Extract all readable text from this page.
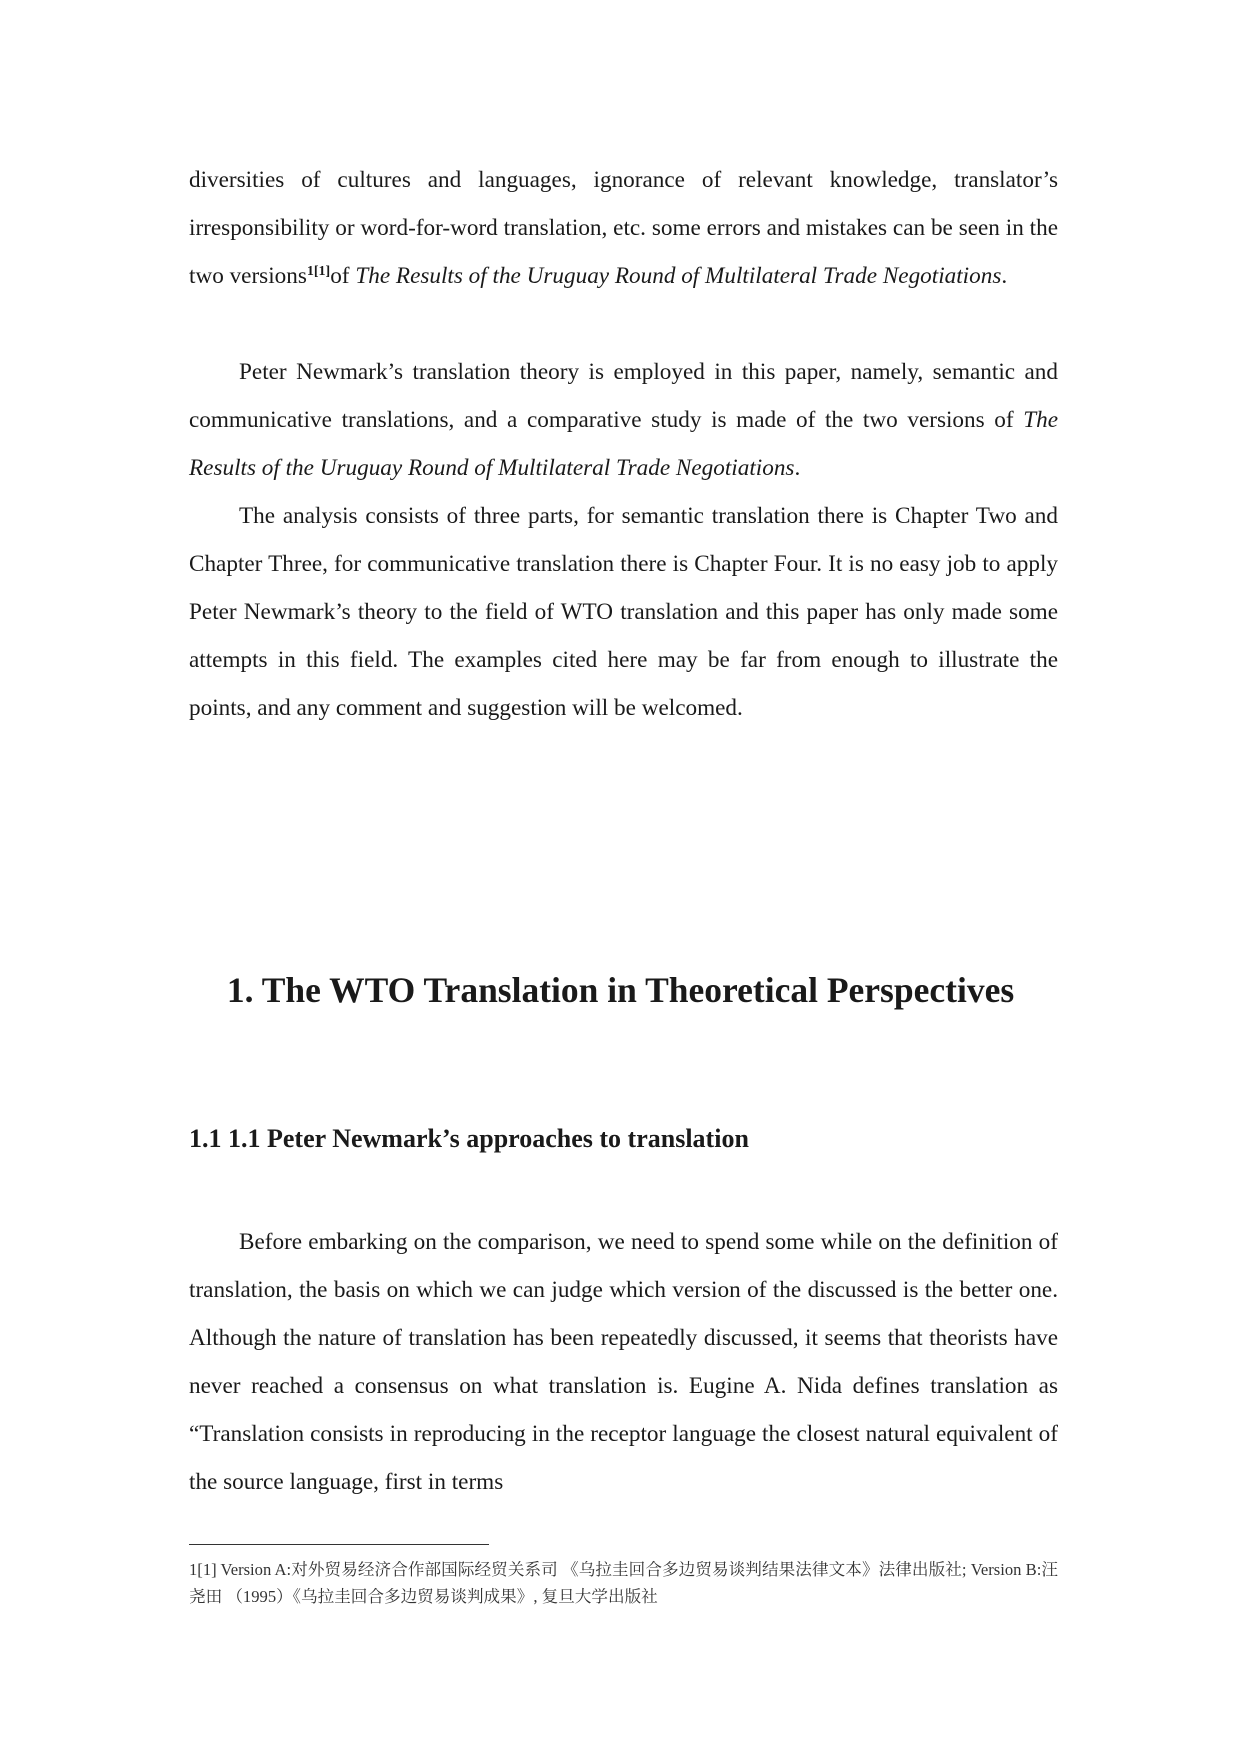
diversities of cultures and languages, ignorance of relevant knowledge, translator’s irresponsibility or word-for-word translation, etc. some errors and mistakes can be seen in the two versions$^{1[1]}$of The Results of the Uruguay Round of Multilateral Trade Negotiations.

Peter Newmark’s translation theory is employed in this paper, namely, semantic and communicative translations, and a comparative study is made of the two versions of The Results of the Uruguay Round of Multilateral Trade Negotiations.

The analysis consists of three parts, for semantic translation there is Chapter Two and Chapter Three, for communicative translation there is Chapter Four. It is no easy job to apply Peter Newmark’s theory to the field of WTO translation and this paper has only made some attempts in this field. The examples cited here may be far from enough to illustrate the points, and any comment and suggestion will be welcomed.

1. The WTO Translation in Theoretical Perspectives
1.1 1.1 Peter Newmark’s approaches to translation

Before embarking on the comparison, we need to spend some while on the definition of translation, the basis on which we can judge which version of the discussed is the better one. Although the nature of translation has been repeatedly discussed, it seems that theorists have never reached a consensus on what translation is. Eugine A. Nida defines translation as “Translation consists in reproducing in the receptor language the closest natural equivalent of the source language, first in terms

1[1] Version A:对外贸易经济合作部国际经贸关系司 《乌拉圭回合多边贸易谈判结果法律文本》法律出版社; Version B:汪尧田 （1995）《乌拉圭回合多边贸易谈判成果》, 复旦大学出版社
